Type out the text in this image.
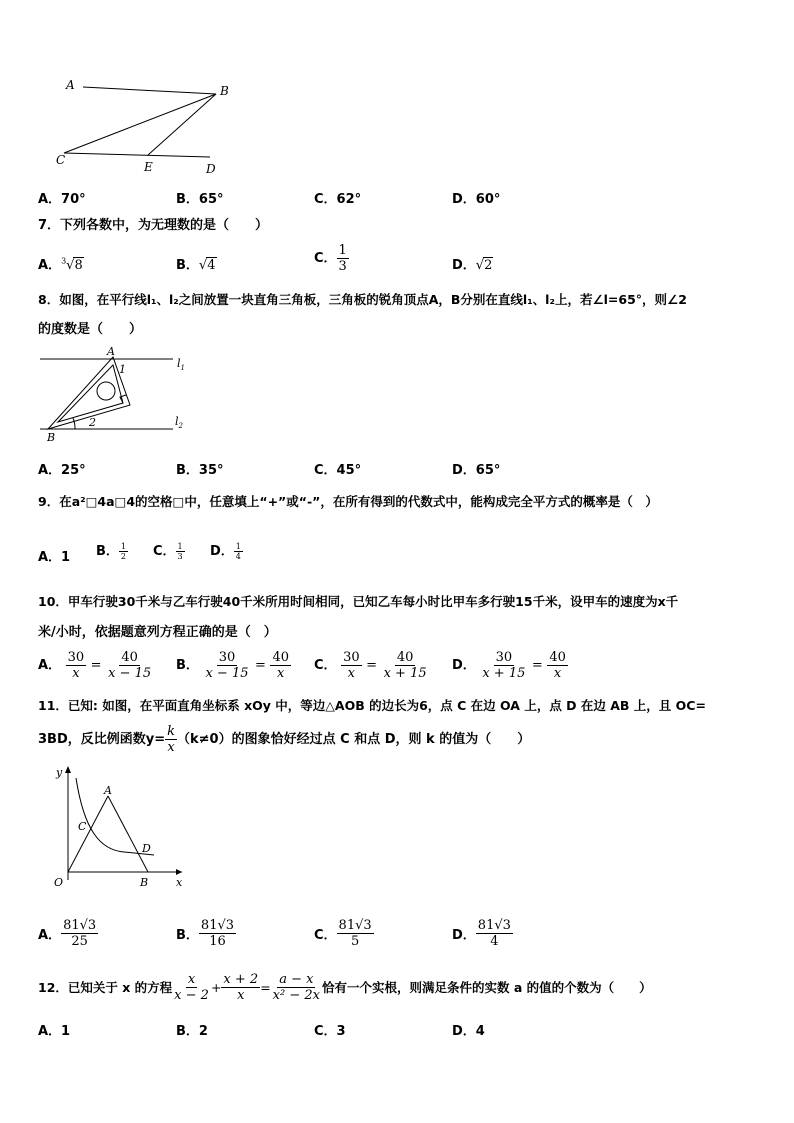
A	B
C	E	D
A．70°	B．65°	C．62°	D．60°
7．下列各数中，为无理数的是（　　）
A．$^3$√8	B．√4	C． $\frac{1}{3}$	D．√2
8．如图，在平行线l₁、l₂之间放置一块直角三角板，三角板的锐角顶点A，B分别在直线l₁、l₂上，若∠l=65°，则∠2
的度数是（　　）
A
1
2
B
$l_1$
$l_2$
A．25°	B．35°	C．45°	D．65°
9．在a²□4a□4的空格□中，任意填上“+”或“-”，在所有得到的代数式中，能构成完全平方式的概率是（　）
A．1 B． $\frac{1}{2}$ C． $\frac{1}{3}$ D． $\frac{1}{4}$
10．甲车行驶30千米与乙车行驶40千米所用时间相同，已知乙车每小时比甲车多行驶15千米，设甲车的速度为x千
米/小时，依据题意列方程正确的是（　）
A． $\frac{30}{x} = \frac{40}{x - 15}$ B． $\frac{30}{x - 15} = \frac{40}{x}$ C． $\frac{30}{x} = \frac{40}{x + 15}$ D． $\frac{30}{x + 15} = \frac{40}{x}$
11．已知: 如图，在平面直角坐标系 xOy 中，等边△AOB 的边长为6，点 C 在边 OA 上，点 D 在边 AB 上，且 OC=
3BD，反比例函数$y= \frac{k}{x} (k\ne 0)$的图象恰好经过点 C 和点 D，则 k 的值为（　　）
y
x
O
A
B
C
D
A． $\frac{81√3}{25}$	B． $\frac{81√3}{16}$	C． $\frac{81√3}{5}$	D． $\frac{81√3}{4}$
12．已知关于 x 的方程 $\frac{x}{x - 2} + \frac{x + 2}{x} = \frac{a - x}{\text{x² − 2x}}$ 恰有一个实根，则满足条件的实数 a 的值的个数为（　　）
A．1	B．2	C．3	D．4
